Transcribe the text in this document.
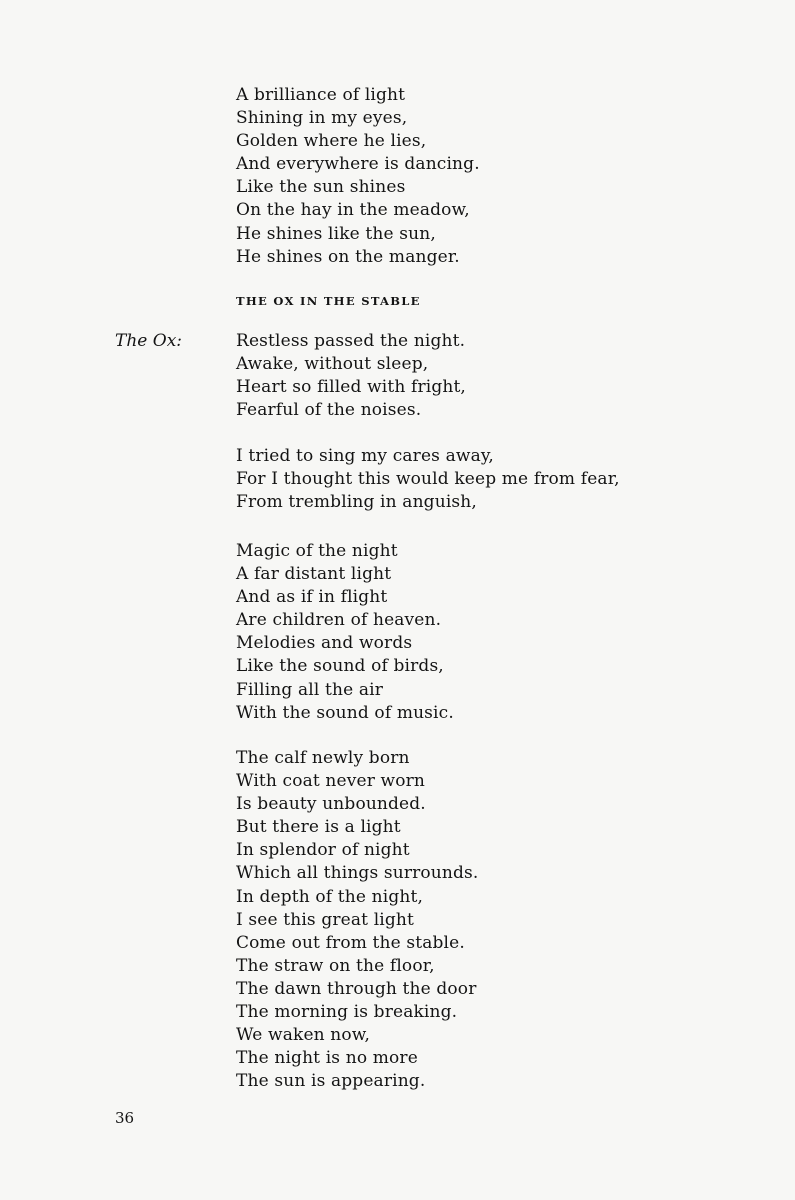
A brilliance of light
Shining in my eyes,
Golden where he lies,
And everywhere is dancing.
Like the sun shines
On the hay in the meadow,
He shines like the sun,
He shines on the manger.
THE OX IN THE STABLE
The Ox:	Restless passed the night.
Awake, without sleep,
Heart so filled with fright,
Fearful of the noises.
I tried to sing my cares away,
For I thought this would keep me from fear,
From trembling in anguish,
Magic of the night
A far distant light
And as if in flight
Are children of heaven.
Melodies and words
Like the sound of birds,
Filling all the air
With the sound of music.
The calf newly born
With coat never worn
Is beauty unbounded.
But there is a light
In splendor of night
Which all things surrounds.
In depth of the night,
I see this great light
Come out from the stable.
The straw on the floor,
The dawn through the door
The morning is breaking.
We waken now,
The night is no more
The sun is appearing.
36
